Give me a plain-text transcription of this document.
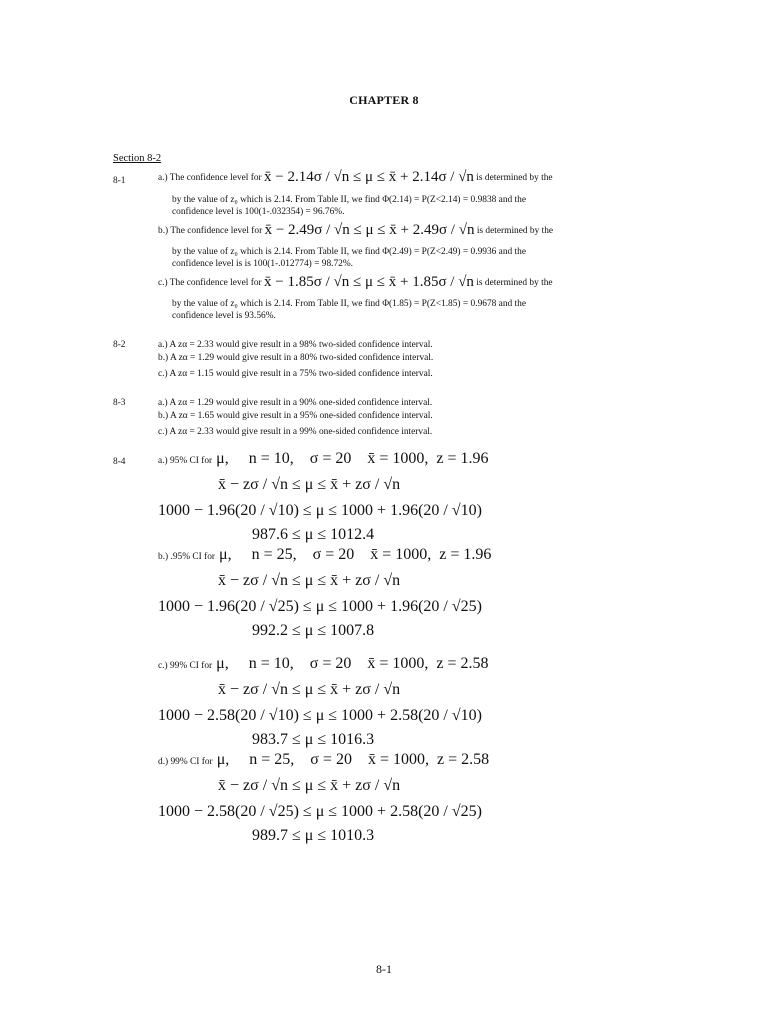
CHAPTER 8
Section 8-2
8-1	a.) The confidence level for x̄ − 2.14σ / √n ≤ μ ≤ x̄ + 2.14σ / √n is determined by the
by the value of z₀ which is 2.14. From Table II, we find Φ(2.14) = P(Z<2.14) = 0.9838 and the
confidence level is 100(1-.032354) = 96.76%.
b.) The confidence level for x̄ − 2.49σ / √n ≤ μ ≤ x̄ + 2.49σ / √n is determined by the
by the value of z₀ which is 2.14. From Table II, we find Φ(2.49) = P(Z<2.49) = 0.9936 and the
confidence level is is 100(1-.012774) = 98.72%.
c.) The confidence level for x̄ − 1.85σ / √n ≤ μ ≤ x̄ + 1.85σ / √n is determined by the
by the value of z₀ which is 2.14. From Table II, we find Φ(1.85) = P(Z<1.85) = 0.9678 and the
confidence level is 93.56%.
8-2	a.) A zα = 2.33 would give result in a 98% two-sided confidence interval.
b.) A zα = 1.29 would give result in a 80% two-sided confidence interval.
c.) A zα = 1.15 would give result in a 75% two-sided confidence interval.
8-3	a.) A zα = 1.29 would give result in a 90% one-sided confidence interval.
b.) A zα = 1.65 would give result in a 95% one-sided confidence interval.
c.) A zα = 2.33 would give result in a 99% one-sided confidence interval.
8-4	a.) 95% CI for μ,     n = 10,    σ = 20    x̄ = 1000,  z = 1.96
x̄ − zσ / √n ≤ μ ≤ x̄ + zσ / √n
1000 − 1.96(20 / √10) ≤ μ ≤ 1000 + 1.96(20 / √10)
987.6 ≤ μ ≤ 1012.4
b.) .95% CI for μ,     n = 25,    σ = 20    x̄ = 1000,  z = 1.96
x̄ − zσ / √n ≤ μ ≤ x̄ + zσ / √n
1000 − 1.96(20 / √25) ≤ μ ≤ 1000 + 1.96(20 / √25)
992.2 ≤ μ ≤ 1007.8
c.) 99% CI for μ,     n = 10,    σ = 20    x̄ = 1000,  z = 2.58
x̄ − zσ / √n ≤ μ ≤ x̄ + zσ / √n
1000 − 2.58(20 / √10) ≤ μ ≤ 1000 + 2.58(20 / √10)
983.7 ≤ μ ≤ 1016.3
d.) 99% CI for μ,     n = 25,    σ = 20    x̄ = 1000,  z = 2.58
x̄ − zσ / √n ≤ μ ≤ x̄ + zσ / √n
1000 − 2.58(20 / √25) ≤ μ ≤ 1000 + 2.58(20 / √25)
989.7 ≤ μ ≤ 1010.3
8-1
